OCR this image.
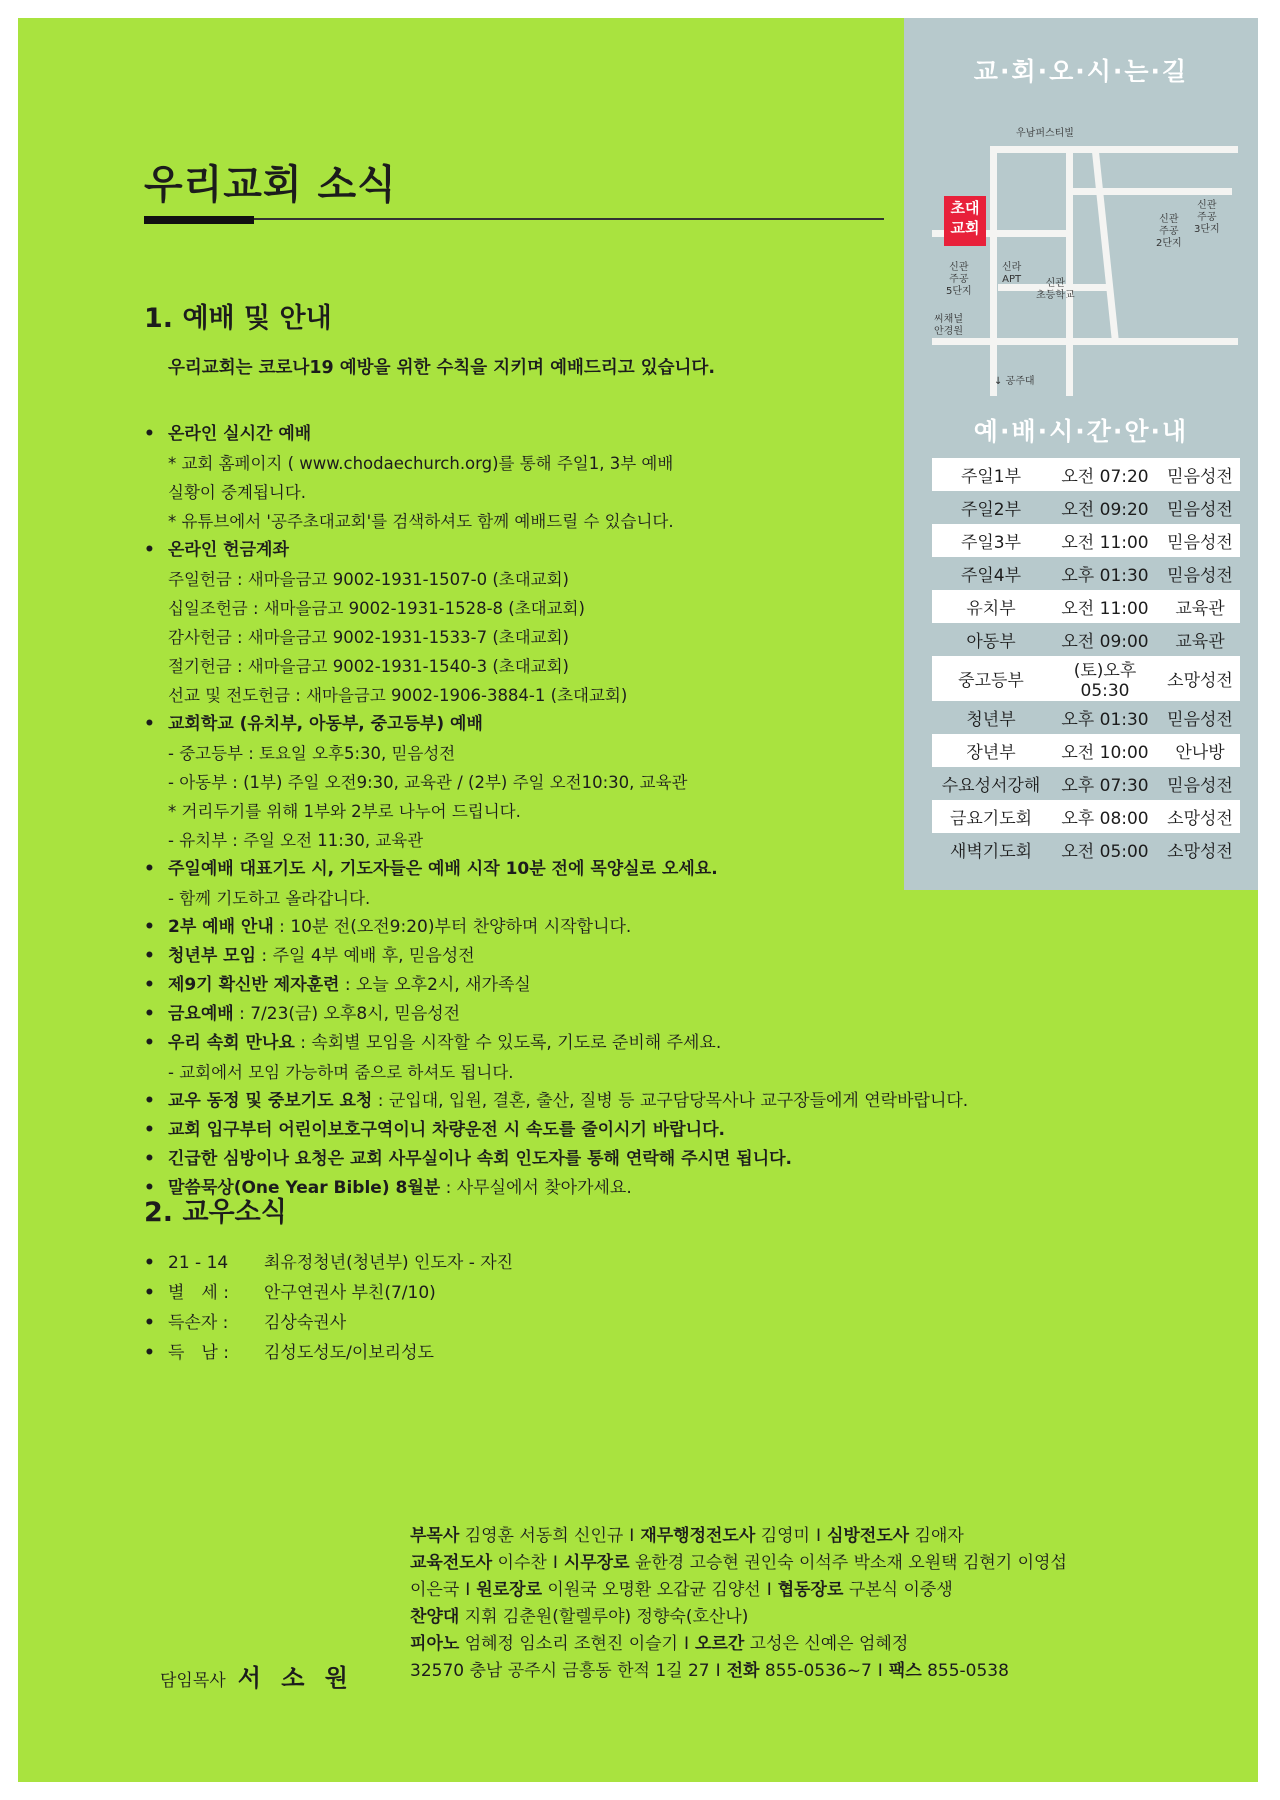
우리교회 소식
1. 예배 및 안내
우리교회는 코로나19 예방을 위한 수칙을 지키며 예배드리고 있습니다.
• 온라인 실시간 예배
* 교회 홈페이지 ( www.chodaechurch.org)를 통해 주일1, 3부 예배
실황이 중계됩니다.
* 유튜브에서 '공주초대교회'를 검색하셔도 함께 예배드릴 수 있습니다.
• 온라인 헌금계좌
주일헌금 : 새마을금고 9002-1931-1507-0 (초대교회)
십일조헌금 : 새마을금고 9002-1931-1528-8 (초대교회)
감사헌금 : 새마을금고 9002-1931-1533-7 (초대교회)
절기헌금 : 새마을금고 9002-1931-1540-3 (초대교회)
선교 및 전도헌금 : 새마을금고 9002-1906-3884-1 (초대교회)
• 교회학교 (유치부, 아동부, 중고등부) 예배
- 중고등부 : 토요일 오후5:30, 믿음성전
- 아동부 : (1부) 주일 오전9:30, 교육관 / (2부) 주일 오전10:30, 교육관
* 거리두기를 위해 1부와 2부로 나누어 드립니다.
- 유치부 : 주일 오전 11:30, 교육관
• 주일예배 대표기도 시, 기도자들은 예배 시작 10분 전에 목양실로 오세요.
- 함께 기도하고 올라갑니다.
• 2부 예배 안내 : 10분 전(오전9:20)부터 찬양하며 시작합니다.
• 청년부 모임 : 주일 4부 예배 후, 믿음성전
• 제9기 확신반 제자훈련 : 오늘 오후2시, 새가족실
• 금요예배 : 7/23(금) 오후8시, 믿음성전
• 우리 속회 만나요 : 속회별 모임을 시작할 수 있도록, 기도로 준비해 주세요.
- 교회에서 모임 가능하며 줌으로 하셔도 됩니다.
• 교우 동정 및 중보기도 요청 : 군입대, 입원, 결혼, 출산, 질병 등 교구담당목사나 교구장들에게 연락바랍니다.
• 교회 입구부터 어린이보호구역이니 차량운전 시 속도를 줄이시기 바랍니다.
• 긴급한 심방이나 요청은 교회 사무실이나 속회 인도자를 통해 연락해 주시면 됩니다.
• 말씀묵상(One Year Bible) 8월분 : 사무실에서 찾아가세요.
2. 교우소식
• 21 - 14 최유정청년(청년부) 인도자 - 자진
• 별　세 : 안구연권사 부친(7/10)
• 득손자 : 김상숙권사
• 득　남 : 김성도성도/이보리성도
부목사 김영훈 서동희 신인규 I 재무행정전도사 김영미 I 심방전도사 김애자
교육전도사 이수찬 I 시무장로 윤한경 고승현 권인숙 이석주 박소재 오원택 김현기 이영섭
이은국 I 원로장로 이원국 오명환 오갑균 김양선 I 협동장로 구본식 이중생
찬양대 지휘 김춘원(할렐루야) 정향숙(호산나)
피아노 엄혜정 임소리 조현진 이슬기 I 오르간 고성은 신예은 엄혜정
32570 충남 공주시 금흥동 한적 1길 27 I 전화 855-0536~7 I 팩스 855-0538
담임목사 서 소 원
교·회·오·시·는·길
우남퍼스티빌
신관
주공
3단지
신관
주공
2단지
신관
주공
5단지
신라
APT	신관
초등학교
씨채널
안경원
↓ 공주대
초대
교회
예·배·시·간·안·내
주일1부	오전 07:20	믿음성전
주일2부	오전 09:20	믿음성전
주일3부	오전 11:00	믿음성전
주일4부	오후 01:30	믿음성전
유치부	오전 11:00	교육관
아동부	오전 09:00	교육관
중고등부	(토)오후 05:30	소망성전
청년부	오후 01:30	믿음성전
장년부	오전 10:00	안나방
수요성서강해	오후 07:30	믿음성전
금요기도회	오후 08:00	소망성전
새벽기도회	오전 05:00	소망성전
